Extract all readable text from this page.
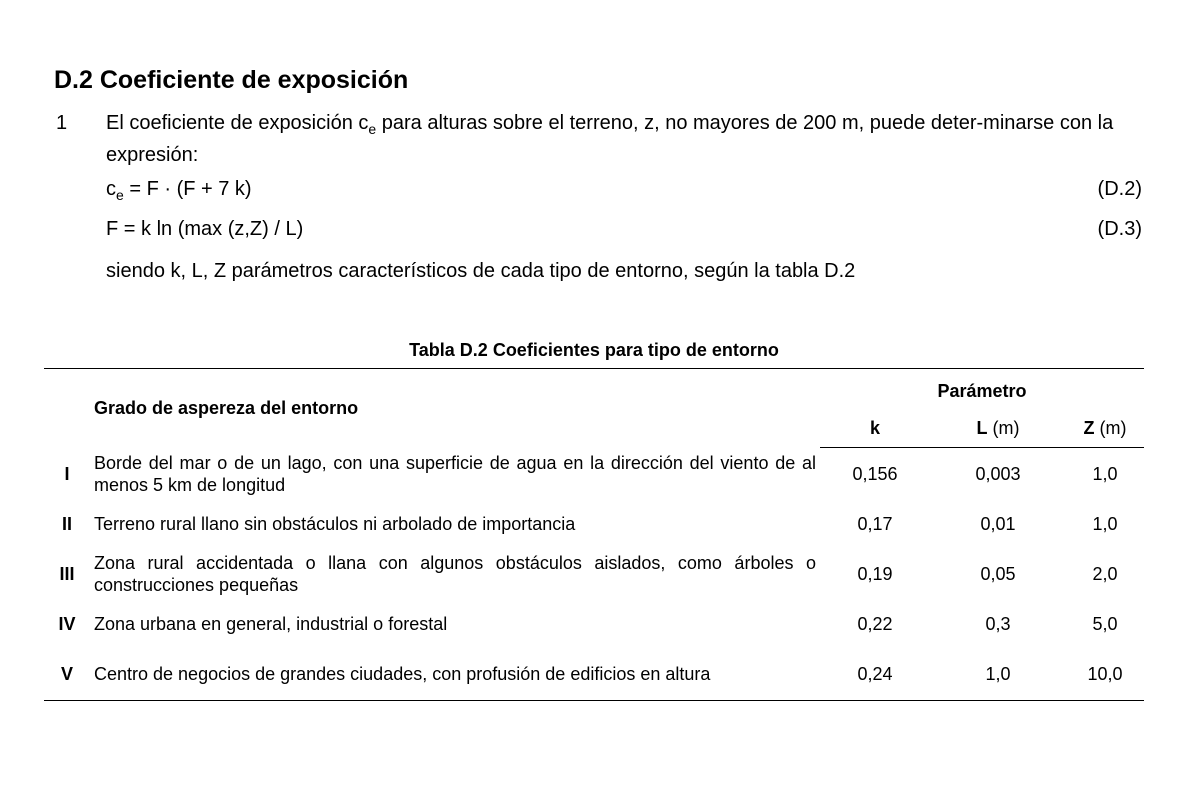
D.2 Coeficiente de exposición
1 El coeficiente de exposición $c_e$ para alturas sobre el terreno, z, no mayores de 200 m, puede deter-minarse con la expresión:
$c_e = F \cdot (F + 7$ k)	(D.2)
F = k ln (max (z,Z) / L)	(D.3)
siendo k, L, Z parámetros característicos de cada tipo de entorno, según la tabla D.2
Tabla D.2 Coeficientes para tipo de entorno
	Grado de aspereza del entorno	Parámetro		
		k	L (m)	Z (m)
I	Borde del mar o de un lago, con una superficie de agua en la dirección del viento de al menos 5 km de longitud	0,156	0,003	1,0
II	Terreno rural llano sin obstáculos ni arbolado de importancia	0,17	0,01	1,0
III	Zona rural accidentada o llana con algunos obstáculos aislados, como árboles o construcciones pequeñas	0,19	0,05	2,0
IV	Zona urbana en general, industrial o forestal	0,22	0,3	5,0
V	Centro de negocios de grandes ciudades, con profusión de edificios en altura	0,24	1,0	10,0
